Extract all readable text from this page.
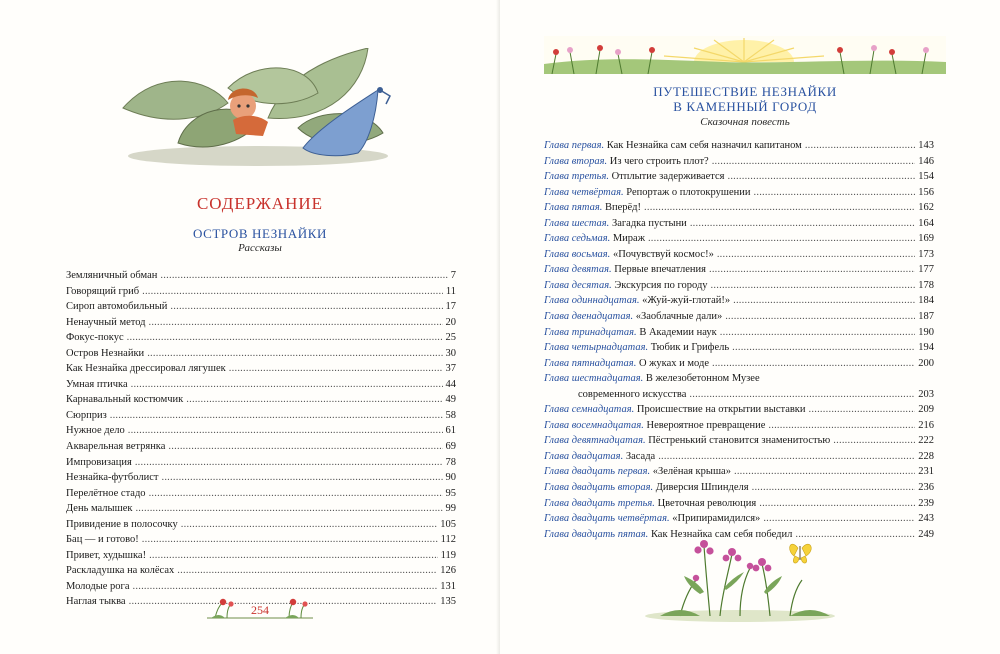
СОДЕРЖАНИЕ
ОСТРОВ НЕЗНАЙКИ
Рассказы
Земляничный обман . . .	7
Говорящий гриб . . .	11
Сироп автомобильный . . .	17
Ненаучный метод . . .	20
Фокус-покус . . .	25
Остров Незнайки . . .	30
Как Незнайка дрессировал лягушек . . .	37
Умная птичка . . .	44
Карнавальный костюмчик . . .	49
Сюрприз . . .	58
Нужное дело . . .	61
Акварельная ветрянка . . .	69
Импровизация . . .	78
Незнайка-футболист . . .	90
Перелётное стадо . . .	95
День малышек . . .	99
Привидение в полосочку . . .	105
Бац — и готово! . . .	112
Привет, худышка! . . .	119
Раскладушка на колёсах . . .	126
Молодые рога . . .	131
Наглая тыква . . .	135
254
ПУТЕШЕСТВИЕ НЕЗНАЙКИ
В КАМЕННЫЙ ГОРОД
Сказочная повесть
Глава первая. Как Незнайка сам себя назначил капитаном . . .	143
Глава вторая. Из чего строить плот? . . .	146
Глава третья. Отплытие задерживается . . .	154
Глава четвёртая. Репортаж о плотокрушении . . .	156
Глава пятая. Вперёд! . . .	162
Глава шестая. Загадка пустыни . . .	164
Глава седьмая. Мираж . . .	169
Глава восьмая. «Почувствуй космос!» . . .	173
Глава девятая. Первые впечатления . . .	177
Глава десятая. Экскурсия по городу . . .	178
Глава одиннадцатая. «Жуй-жуй-глотай!» . . .	184
Глава двенадцатая. «Заоблачные дали» . . .	187
Глава тринадцатая. В Академии наук . . .	190
Глава четырнадцатая. Тюбик и Грифель . . .	194
Глава пятнадцатая. О жуках и моде . . .	200
Глава шестнадцатая. В железобетонном Музее
современного искусства . . .	203
Глава семнадцатая. Происшествие на открытии выставки . . .	209
Глава восемнадцатая. Невероятное превращение . . .	216
Глава девятнадцатая. Пёстренький становится знаменитостью . . .	222
Глава двадцатая. Засада . . .	228
Глава двадцать первая. «Зелёная крыша» . . .	231
Глава двадцать вторая. Диверсия Шпинделя . . .	236
Глава двадцать третья. Цветочная революция . . .	239
Глава двадцать четвёртая. «Припирамидился» . . .	243
Глава двадцать пятая. Как Незнайка сам себя победил . . .	249
